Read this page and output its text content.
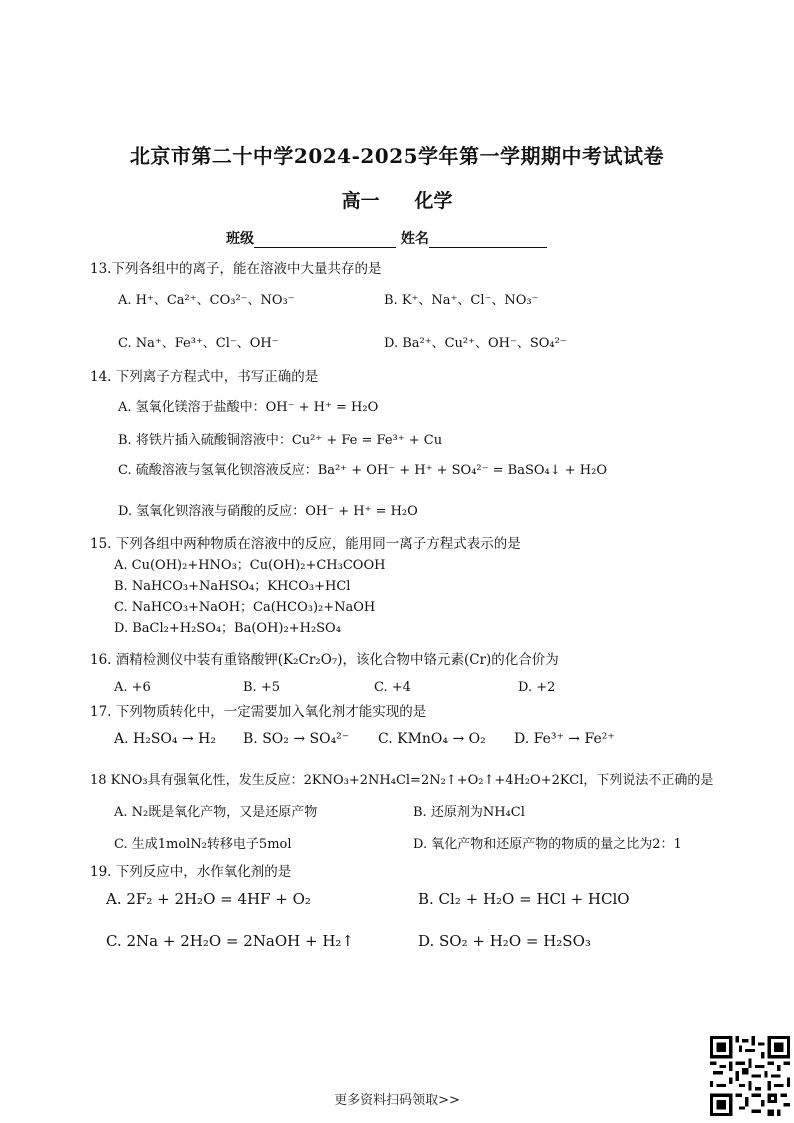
北京市第二十中学2024-2025学年第一学期期中考试试卷
高一 化学
班级	姓名
13.下列各组中的离子，能在溶液中大量共存的是
A. H⁺、Ca²⁺、CO₃²⁻、NO₃⁻	B. K⁺、Na⁺、Cl⁻、NO₃⁻
C. Na⁺、Fe³⁺、Cl⁻、OH⁻	D. Ba²⁺、Cu²⁺、OH⁻、SO₄²⁻
14. 下列离子方程式中，书写正确的是
A. 氢氧化镁溶于盐酸中：OH⁻ + H⁺ = H₂O
B. 将铁片插入硫酸铜溶液中：Cu²⁺ + Fe = Fe³⁺ + Cu
C. 硫酸溶液与氢氧化钡溶液反应：Ba²⁺ + OH⁻ + H⁺ + SO₄²⁻ = BaSO₄↓ + H₂O
D. 氢氧化钡溶液与硝酸的反应：OH⁻ + H⁺ = H₂O
15. 下列各组中两种物质在溶液中的反应，能用同一离子方程式表示的是
A. Cu(OH)₂+HNO₃；Cu(OH)₂+CH₃COOH
B. NaHCO₃+NaHSO₄；KHCO₃+HCl
C. NaHCO₃+NaOH；Ca(HCO₃)₂+NaOH
D. BaCl₂+H₂SO₄；Ba(OH)₂+H₂SO₄
16. 酒精检测仪中装有重铬酸钾(K₂Cr₂O₇)，该化合物中铬元素(Cr)的化合价为
A. +6	B. +5	C. +4	D. +2
17. 下列物质转化中，一定需要加入氧化剂才能实现的是
A. H₂SO₄ → H₂ B. SO₂ → SO₄²⁻ C. KMnO₄ → O₂ D. Fe³⁺ → Fe²⁺
18 KNO₃具有强氧化性，发生反应：2KNO₃+2NH₄Cl=2N₂↑+O₂↑+4H₂O+2KCl，下列说法不正确的是
A. N₂既是氧化产物，又是还原产物	B. 还原剂为NH₄Cl
C. 生成1molN₂转移电子5mol	D. 氧化产物和还原产物的物质的量之比为2：1
19. 下列反应中，水作氧化剂的是
A. 2F₂ + 2H₂O = 4HF + O₂	B. Cl₂ + H₂O = HCl + HClO
C. 2Na + 2H₂O = 2NaOH + H₂↑	D. SO₂ + H₂O = H₂SO₃
更多资料扫码领取>>
